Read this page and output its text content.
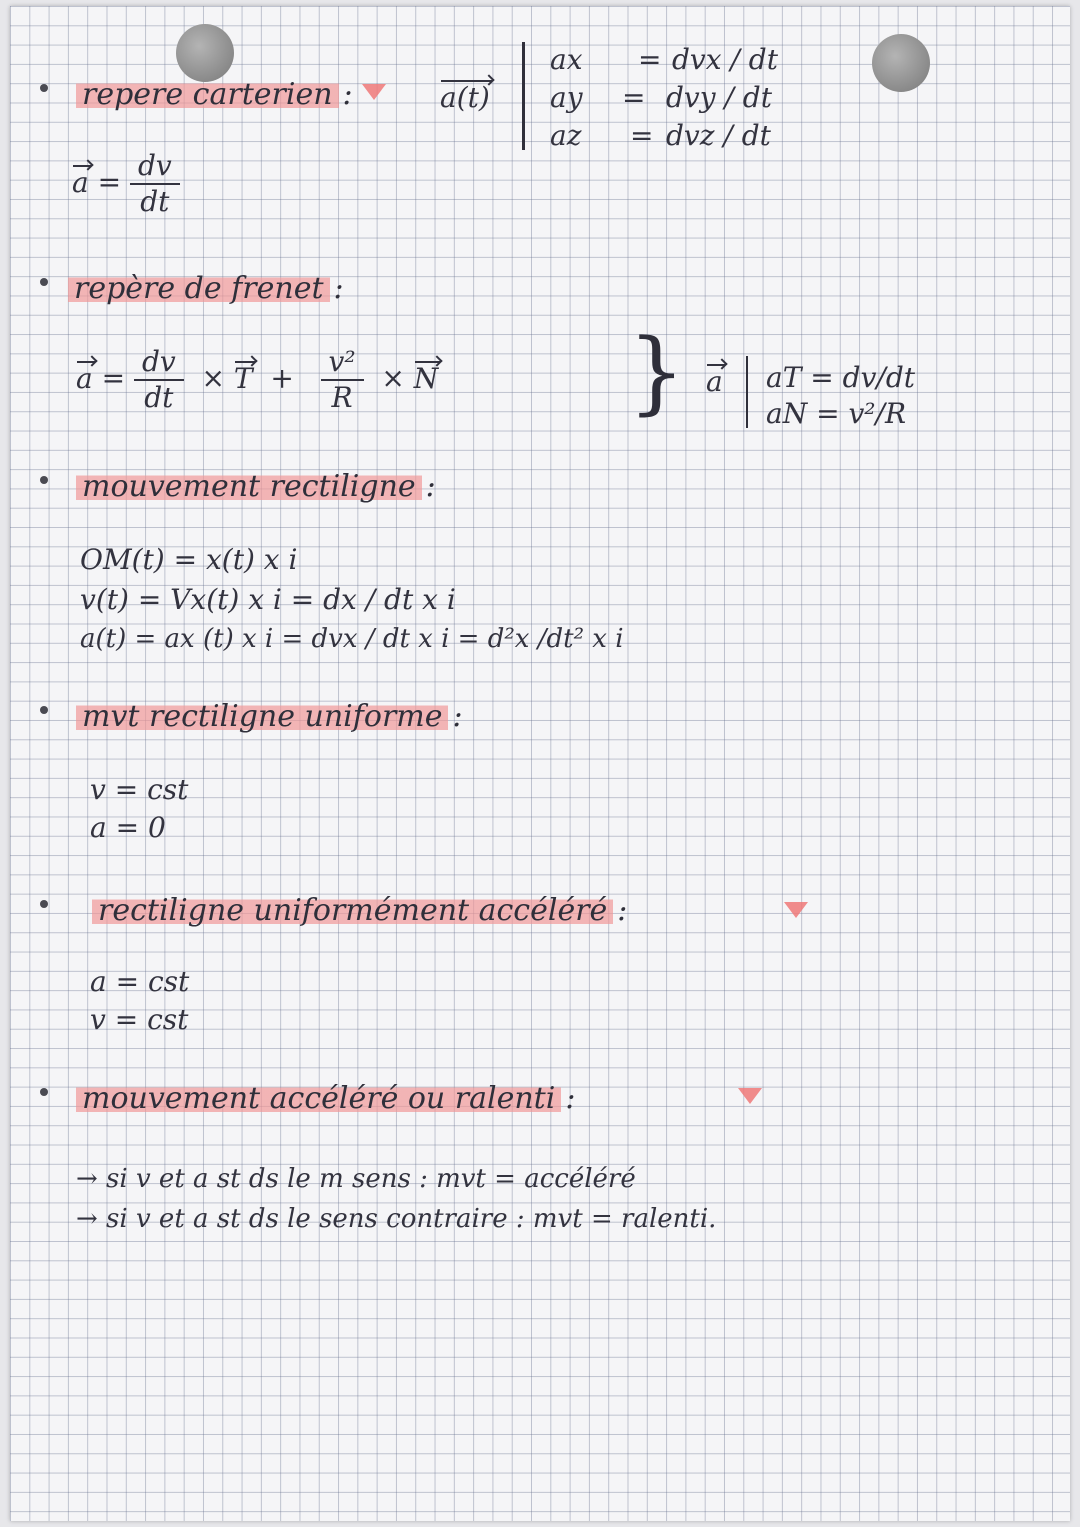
repere carterien :	a(t)
ax = dvx / dt
ay = dvy / dt
az = dvz / dt
$a = \frac{dv}{dt}$
repère de frenet :
$a = \frac{dv}{dt} \times T + \frac{\text{v²}}{R} \times N$ } a aT = dv/dt
aN = v²/R
mouvement rectiligne :
OM(t) = x(t) x i
v(t) = Vx(t) x i = dx / dt x i
a(t) = ax (t) x i = dvx / dt x i = d²x /dt² x i
mvt rectiligne uniforme :
v = cst
a = 0
rectiligne uniformément accéléré :
a = cst
v = cst
mouvement accéléré ou ralenti :
→ si v et a st ds le m sens : mvt = accéléré
→ si v et a st ds le sens contraire : mvt = ralenti.
